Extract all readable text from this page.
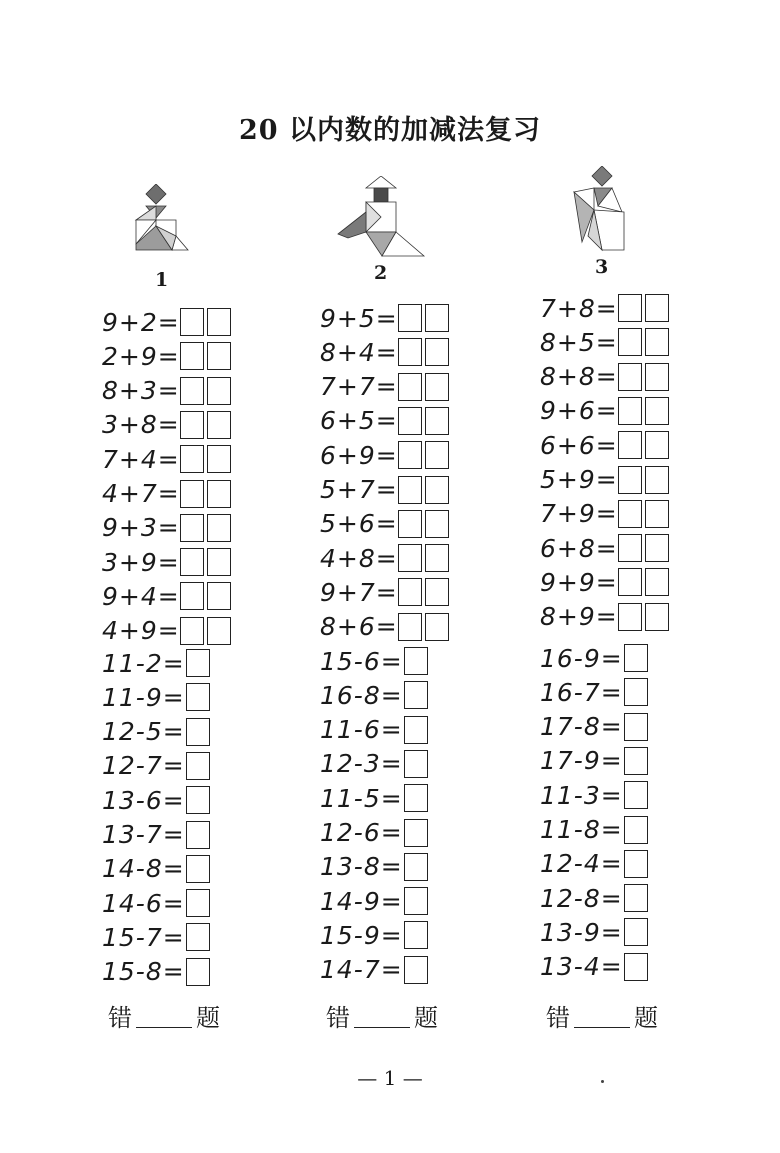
20 以内数的加减法复习
1	2	3
9+2=
2+9=
8+3=
3+8=
7+4=
4+7=
9+3=
3+9=
9+4=
4+9=
11-2=
11-9=
12-5=
12-7=
13-6=
13-7=
14-8=
14-6=
15-7=
15-8=
错	题
9+5=
8+4=
7+7=
6+5=
6+9=
5+7=
5+6=
4+8=
9+7=
8+6=
15-6=
16-8=
11-6=
12-3=
11-5=
12-6=
13-8=
14-9=
15-9=
14-7=
错	题
7+8=
8+5=
8+8=
9+6=
6+6=
5+9=
7+9=
6+8=
9+9=
8+9=
16-9=
16-7=
17-8=
17-9=
11-3=
11-8=
12-4=
12-8=
13-9=
13-4=
错	题
— 1 —
